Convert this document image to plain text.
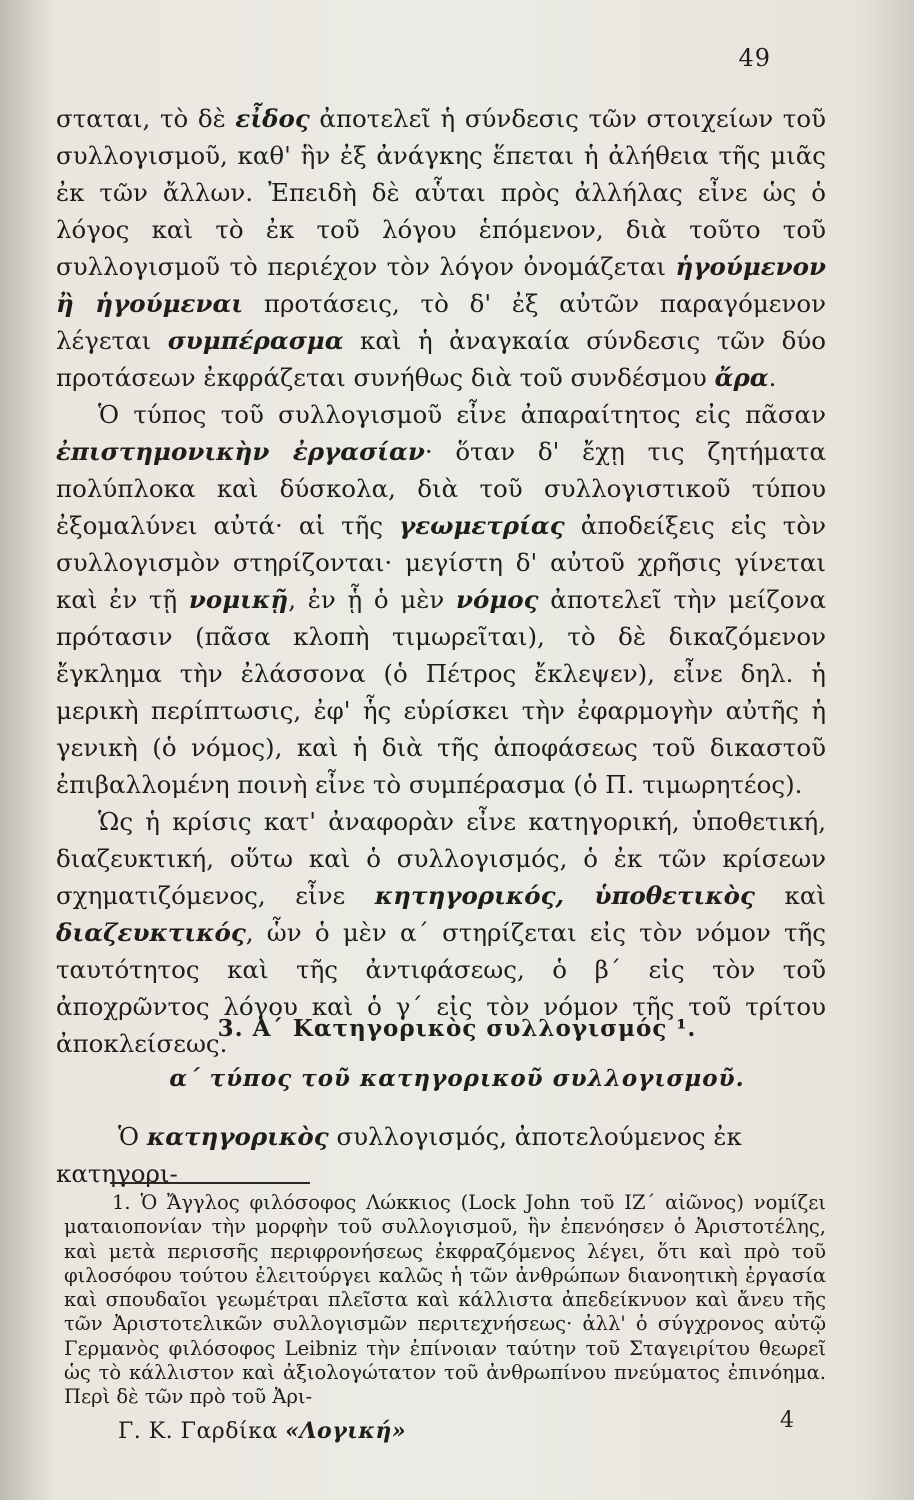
49

σταται, τὸ δὲ εἶδος ἀποτελεῖ ἡ σύνδεσις τῶν στοιχείων τοῦ συλλογισμοῦ, καθ' ἣν ἐξ ἀνάγκης ἕπεται ἡ ἀλήθεια τῆς μιᾶς ἐκ τῶν ἄλλων. Ἐπειδὴ δὲ αὗται πρὸς ἀλλήλας εἶνε ὡς ὁ λόγος καὶ τὸ ἐκ τοῦ λόγου ἑπόμενον, διὰ τοῦτο τοῦ συλλογισμοῦ τὸ περιέχον τὸν λόγον ὀνομάζεται ἡγούμενον ἢ ἡγούμεναι προτάσεις, τὸ δ' ἐξ αὐτῶν παραγόμενον λέγεται συμπέρασμα καὶ ἡ ἀναγκαία σύνδεσις τῶν δύο προτάσεων ἐκφράζεται συνήθως διὰ τοῦ συνδέσμου ἄρα.

Ὁ τύπος τοῦ συλλογισμοῦ εἶνε ἀπαραίτητος εἰς πᾶσαν ἐπιστημονικὴν ἐργασίαν· ὅταν δ' ἔχῃ τις ζητήματα πολύπλοκα καὶ δύσκολα, διὰ τοῦ συλλογιστικοῦ τύπου ἐξομαλύνει αὐτά· αἱ τῆς γεωμετρίας ἀποδείξεις εἰς τὸν συλλογισμὸν στηρίζονται· μεγίστη δ' αὐτοῦ χρῆσις γίνεται καὶ ἐν τῇ νομικῇ, ἐν ᾗ ὁ μὲν νόμος ἀποτελεῖ τὴν μείζονα πρότασιν (πᾶσα κλοπὴ τιμωρεῖται), τὸ δὲ δικαζόμενον ἔγκλημα τὴν ἐλάσσονα (ὁ Πέτρος ἔκλεψεν), εἶνε δηλ. ἡ μερικὴ περίπτωσις, ἐφ' ἧς εὑρίσκει τὴν ἐφαρμογὴν αὐτῆς ἡ γενικὴ (ὁ νόμος), καὶ ἡ διὰ τῆς ἀποφάσεως τοῦ δικαστοῦ ἐπιβαλλομένη ποινὴ εἶνε τὸ συμπέρασμα (ὁ Π. τιμωρητέος).

Ὡς ἡ κρίσις κατ' ἀναφορὰν εἶνε κατηγορική, ὑποθετική, διαζευκτική, οὕτω καὶ ὁ συλλογισμός, ὁ ἐκ τῶν κρίσεων σχηματιζόμενος, εἶνε κητηγορικός, ὑποθετικὸς καὶ διαζευκτικός, ὧν ὁ μὲν α΄ στηρίζεται εἰς τὸν νόμον τῆς ταυτότητος καὶ τῆς ἀντιφάσεως, ὁ β΄ εἰς τὸν τοῦ ἀποχρῶντος λόγου καὶ ὁ γ΄ εἰς τὸν νόμον τῆς τοῦ τρίτου ἀποκλείσεως.

3. Α΄ Κατηγορικὸς συλλογισμός ¹.
α΄ τύπος τοῦ κατηγορικοῦ συλλογισμοῦ.

Ὁ κατηγορικὸς συλλογισμός, ἀποτελούμενος ἐκ κατηγορι-

1. Ὁ Ἄγγλος φιλόσοφος Λώκκιος (Lock John τοῦ ΙΖ΄ αἰῶνος) νομίζει ματαιοπονίαν τὴν μορφὴν τοῦ συλλογισμοῦ, ἣν ἐπενόησεν ὁ Ἀριστοτέλης, καὶ μετὰ περισσῆς περιφρονήσεως ἐκφραζόμενος λέγει, ὅτι καὶ πρὸ τοῦ φιλοσόφου τούτου ἐλειτούργει καλῶς ἡ τῶν ἀνθρώπων διανοητικὴ ἐργασία καὶ σπουδαῖοι γεωμέτραι πλεῖστα καὶ κάλλιστα ἀπεδείκνυον καὶ ἄνευ τῆς τῶν Ἀριστοτελικῶν συλλογισμῶν περιτεχνήσεως· ἀλλ' ὁ σύγχρονος αὐτῷ Γερμανὸς φιλόσοφος Leibniz τὴν ἐπίνοιαν ταύτην τοῦ Σταγειρίτου θεωρεῖ ὡς τὸ κάλλιστον καὶ ἀξιολογώτατον τοῦ ἀνθρωπίνου πνεύματος ἐπινόημα. Περὶ δὲ τῶν πρὸ τοῦ Ἀρι-

Γ. Κ. Γαρδίκα «Λογική»	4
